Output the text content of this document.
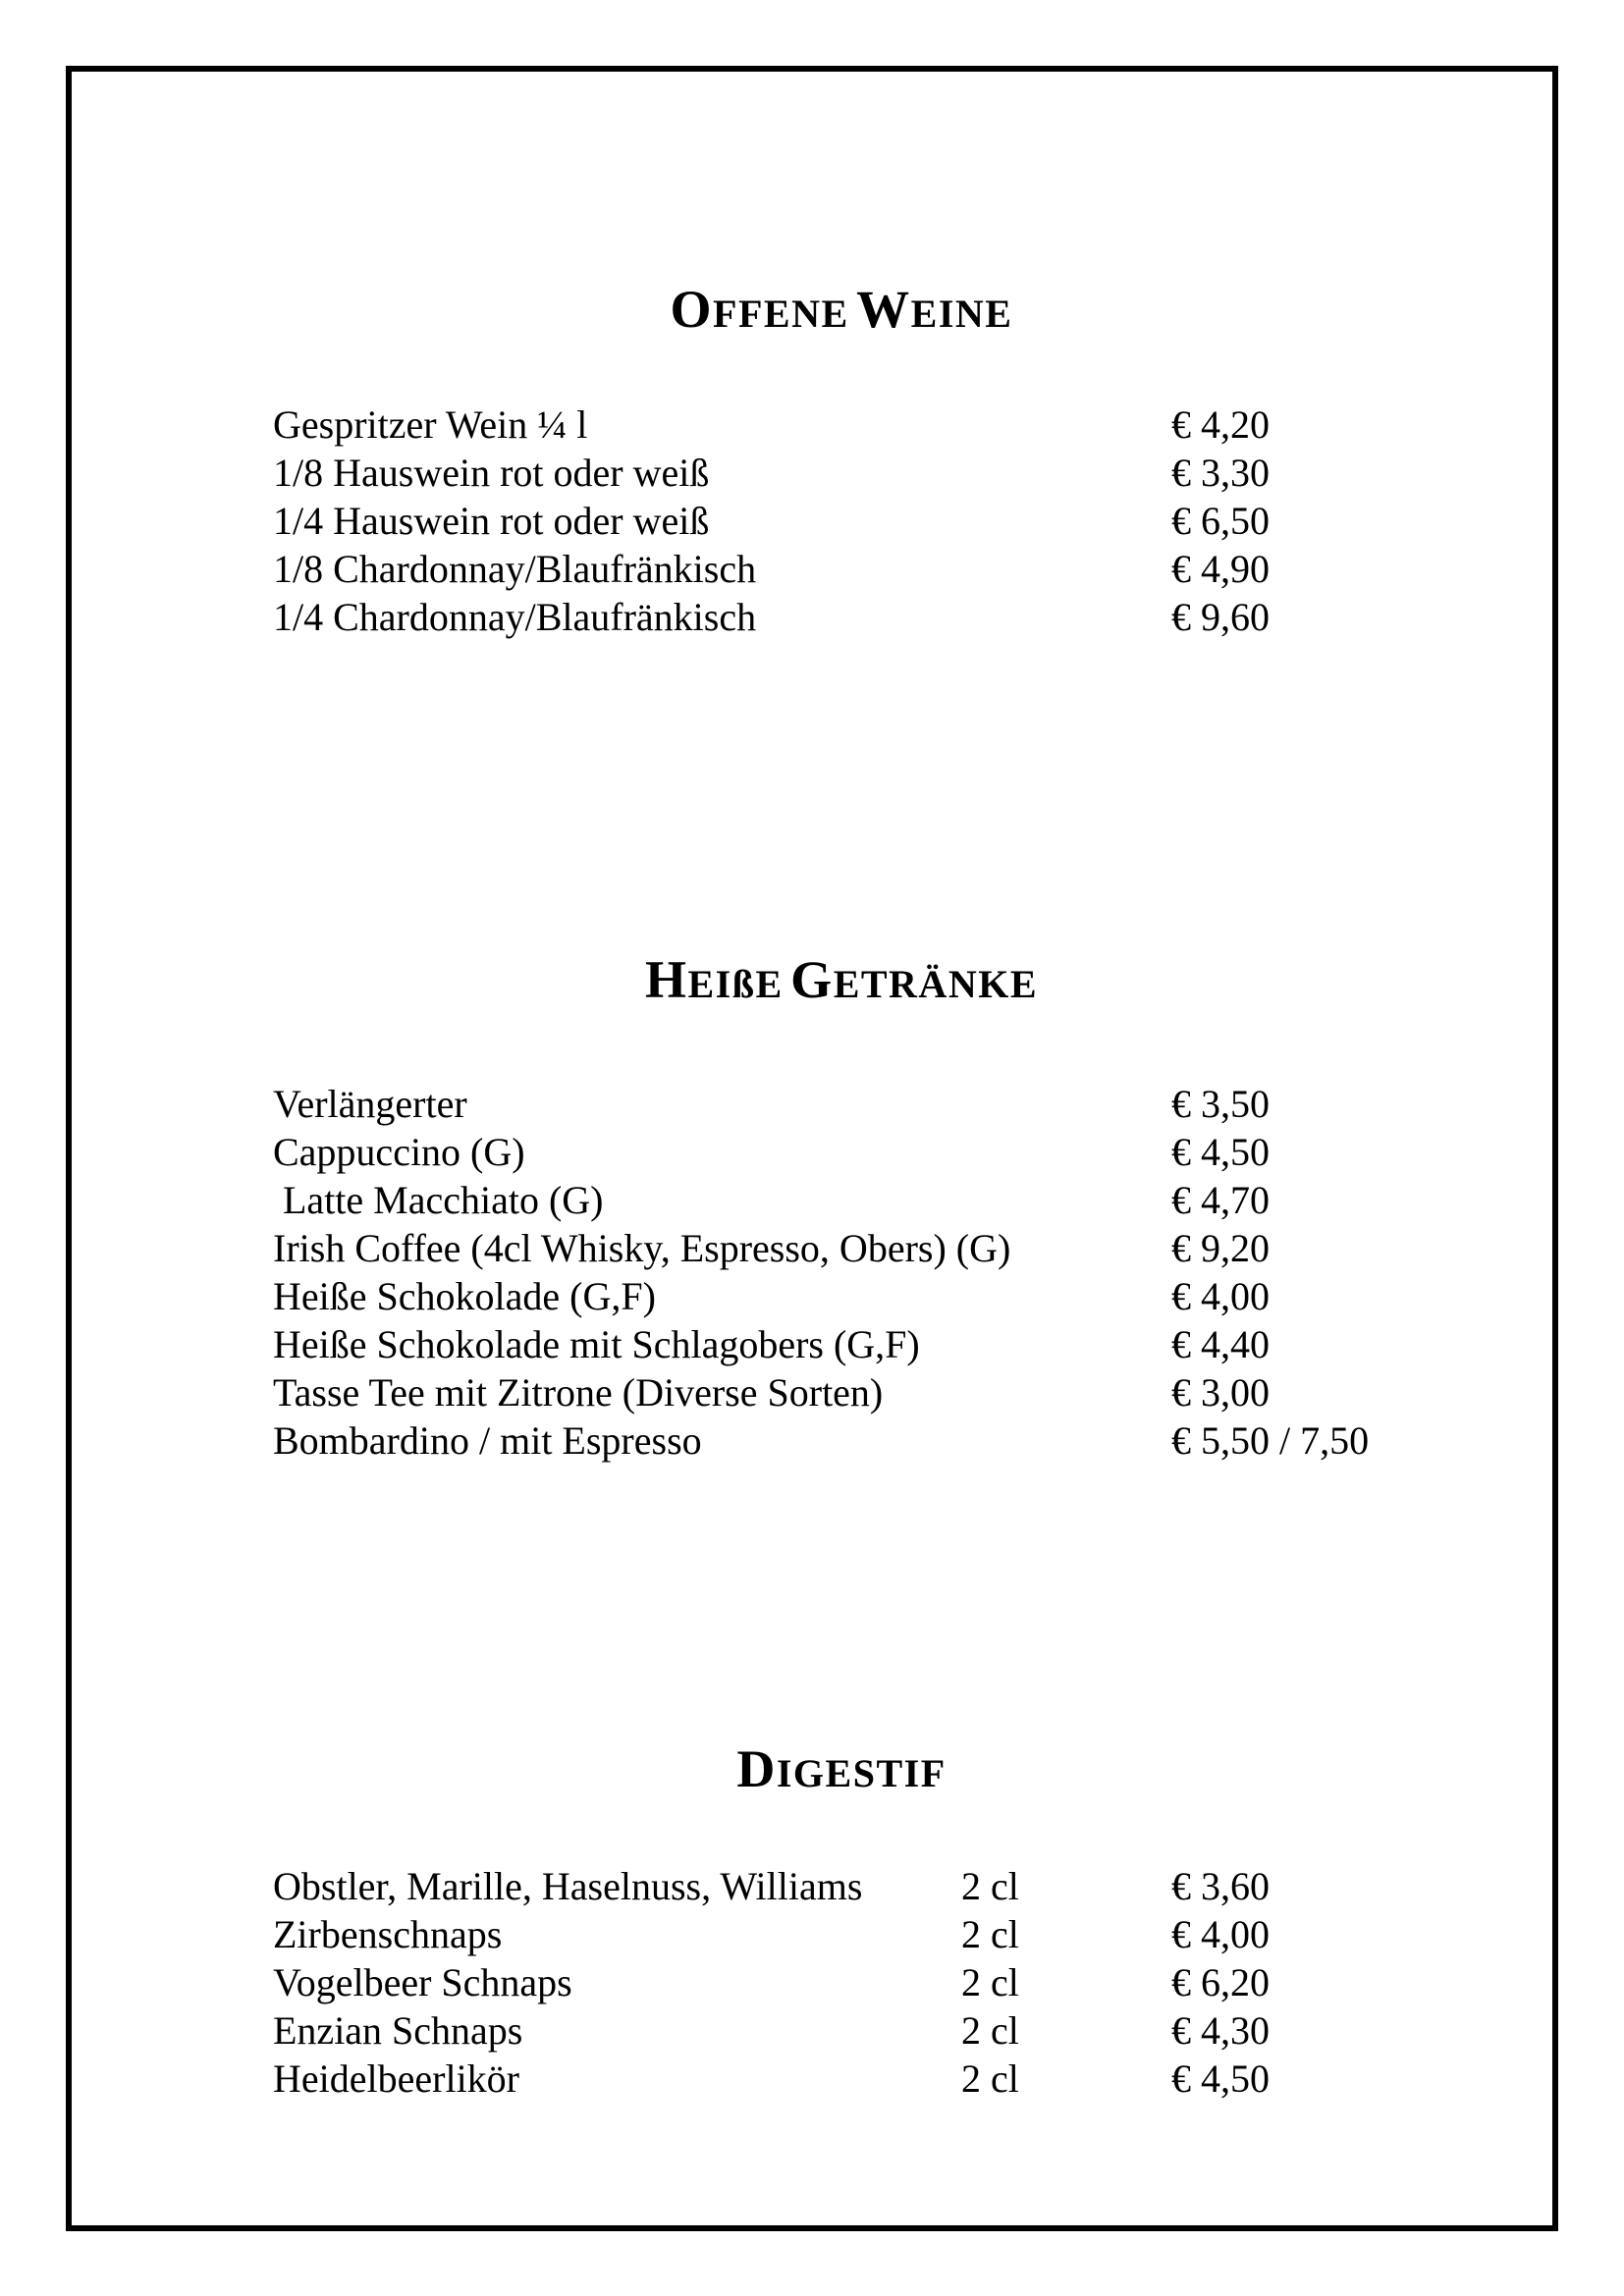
OFFENE WEINE
Gespritzer Wein ¼ l	€ 4,20
1/8 Hauswein rot oder weiß	€ 3,30
1/4 Hauswein rot oder weiß	€ 6,50
1/8 Chardonnay/Blaufränkisch	€ 4,90
1/4 Chardonnay/Blaufränkisch	€ 9,60
HEIßE GETRÄNKE
Verlängerter	€ 3,50
Cappuccino (G)	€ 4,50
Latte Macchiato (G)	€ 4,70
Irish Coffee (4cl Whisky, Espresso, Obers) (G)	€ 9,20
Heiße Schokolade (G,F)	€ 4,00
Heiße Schokolade mit Schlagobers (G,F)	€ 4,40
Tasse Tee mit Zitrone (Diverse Sorten)	€ 3,00
Bombardino / mit Espresso	€ 5,50 / 7,50
DIGESTIF
Obstler, Marille, Haselnuss, Williams	2 cl	€ 3,60
Zirbenschnaps	2 cl	€ 4,00
Vogelbeer Schnaps	2 cl	€ 6,20
Enzian Schnaps	2 cl	€ 4,30
Heidelbeerlikör	2 cl	€ 4,50
